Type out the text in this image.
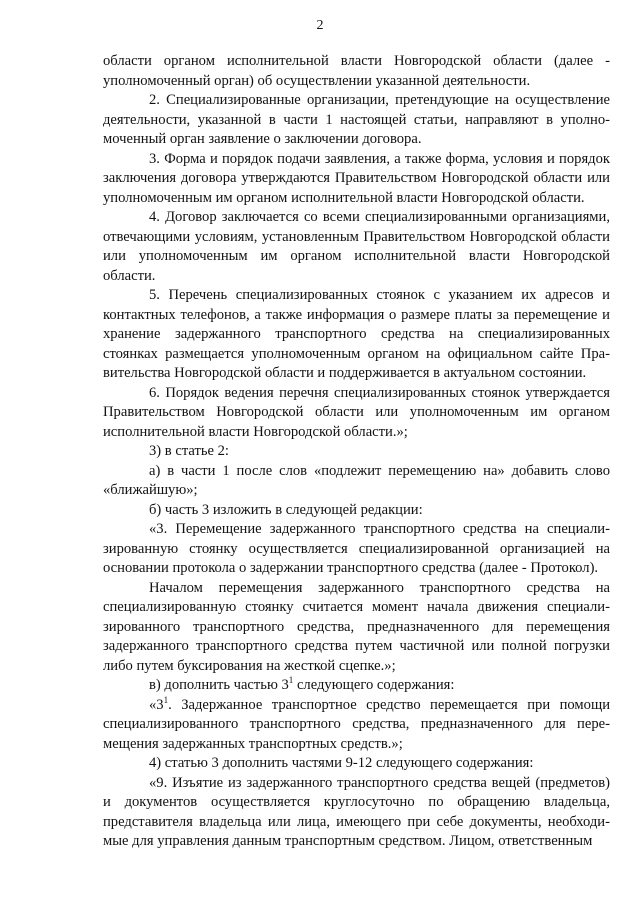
2

области органом исполнительной власти Новгородской области (далее - уполномоченный орган) об осуществлении указанной деятельности.

2. Специализированные организации, претендующие на осуществление деятельности, указанной в части 1 настоящей статьи, направляют в уполномоченный орган заявление о заключении договора.

3. Форма и порядок подачи заявления, а также форма, условия и порядок заключения договора утверждаются Правительством Новгородской области или уполномоченным им органом исполнительной власти Новгородской области.

4. Договор заключается со всеми специализированными организациями, отвечающими условиям, установленным Правительством Новгородской области или уполномоченным им органом исполнительной власти Новгородской области.

5. Перечень специализированных стоянок с указанием их адресов и контактных телефонов, а также информация о размере платы за перемещение и хранение задержанного транспортного средства на специализированных стоянках размещается уполномоченным органом на официальном сайте Правительства Новгородской области и поддерживается в актуальном состоянии.

6. Порядок ведения перечня специализированных стоянок утверждается Правительством Новгородской области или уполномоченным им органом исполнительной власти Новгородской области.»;

3) в статье 2:

а) в части 1 после слов «подлежит перемещению на» добавить слово «ближайшую»;

б) часть 3 изложить в следующей редакции:

«3. Перемещение задержанного транспортного средства на специализированную стоянку осуществляется специализированной организацией на основании протокола о задержании транспортного средства (далее - Протокол).

Началом перемещения задержанного транспортного средства на специализированную стоянку считается момент начала движения специализированного транспортного средства, предназначенного для перемещения задержанного транспортного средства путем частичной или полной погрузки либо путем буксирования на жесткой сцепке.»;

в) дополнить частью $3^1$ следующего содержания:

«$3^1$. Задержанное транспортное средство перемещается при помощи специализированного транспортного средства, предназначенного для перемещения задержанных транспортных средств.»;

4) статью 3 дополнить частями 9-12 следующего содержания:

«9. Изъятие из задержанного транспортного средства вещей (предметов) и документов осуществляется круглосуточно по обращению владельца, представителя владельца или лица, имеющего при себе документы, необходимые для управления данным транспортным средством. Лицом, ответственным
